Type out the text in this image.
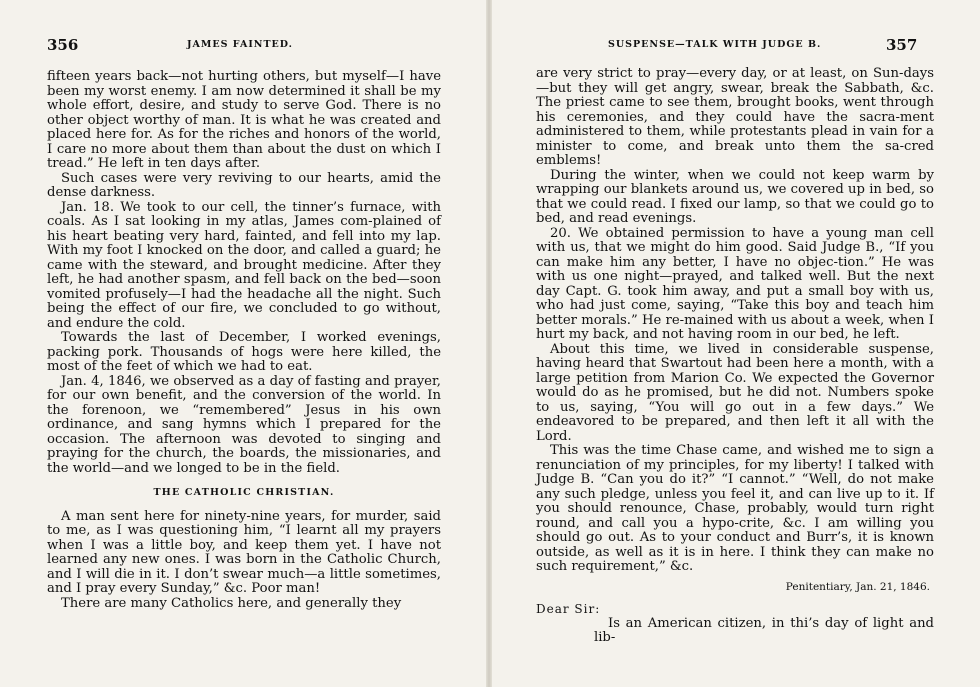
356	JAMES FAINTED.

fifteen years back—not hurting others, but myself—I have been my worst enemy. I am now determined it shall be my whole effort, desire, and study to serve God. There is no other object worthy of man. It is what he was created and placed here for. As for the riches and honors of the world, I care no more about them than about the dust on which I tread.” He left in ten days after.

Such cases were very reviving to our hearts, amid the dense darkness.

Jan. 18. We took to our cell, the tinner’s furnace, with coals. As I sat looking in my atlas, James com-plained of his heart beating very hard, fainted, and fell into my lap. With my foot I knocked on the door, and called a guard; he came with the steward, and brought medicine. After they left, he had another spasm, and fell back on the bed—soon vomited profusely—I had the headache all the night. Such being the effect of our fire, we concluded to go without, and endure the cold.

Towards the last of December, I worked evenings, packing pork. Thousands of hogs were here killed, the most of the feet of which we had to eat.

Jan. 4, 1846, we observed as a day of fasting and prayer, for our own benefit, and the conversion of the world. In the forenoon, we “remembered” Jesus in his own ordinance, and sang hymns which I prepared for the occasion. The afternoon was devoted to singing and praying for the church, the boards, the missionaries, and the world—and we longed to be in the field.

THE CATHOLIC CHRISTIAN.

A man sent here for ninety-nine years, for murder, said to me, as I was questioning him, “I learnt all my prayers when I was a little boy, and keep them yet. I have not learned any new ones. I was born in the Catholic Church, and I will die in it. I don’t swear much—a little sometimes, and I pray every Sunday,” &c. Poor man!

There are many Catholics here, and generally they

SUSPENSE—TALK WITH JUDGE B.	357

are very strict to pray—every day, or at least, on Sun-days—but they will get angry, swear, break the Sabbath, &c. The priest came to see them, brought books, went through his ceremonies, and they could have the sacra-ment administered to them, while protestants plead in vain for a minister to come, and break unto them the sa-cred emblems!

During the winter, when we could not keep warm by wrapping our blankets around us, we covered up in bed, so that we could read. I fixed our lamp, so that we could go to bed, and read evenings.

20. We obtained permission to have a young man cell with us, that we might do him good. Said Judge B., “If you can make him any better, I have no objec-tion.” He was with us one night—prayed, and talked well. But the next day Capt. G. took him away, and put a small boy with us, who had just come, saying, “Take this boy and teach him better morals.” He re-mained with us about a week, when I hurt my back, and not having room in our bed, he left.

About this time, we lived in considerable suspense, having heard that Swartout had been here a month, with a large petition from Marion Co. We expected the Governor would do as he promised, but he did not. Numbers spoke to us, saying, “You will go out in a few days.” We endeavored to be prepared, and then left it all with the Lord.

This was the time Chase came, and wished me to sign a renunciation of my principles, for my liberty! I talked with Judge B. “Can you do it?” “I cannot.” “Well, do not make any such pledge, unless you feel it, and can live up to it. If you should renounce, Chase, probably, would turn right round, and call you a hypo-crite, &c. I am willing you should go out. As to your conduct and Burr’s, it is known outside, as well as it is in here. I think they can make no such requirement,” &c.

Penitentiary, Jan. 21, 1846.
Dear Sir:

Is an American citizen, in thi’s day of light and lib-
